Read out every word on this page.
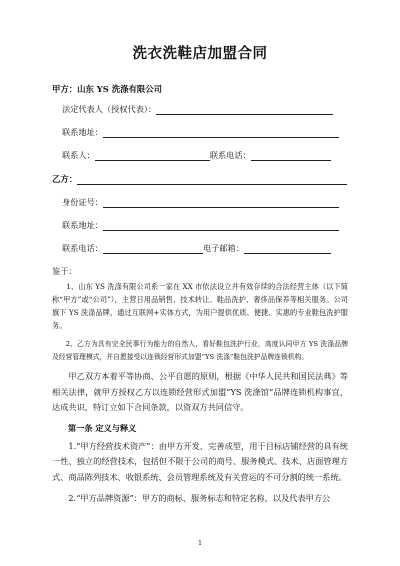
洗衣洗鞋店加盟合同

甲方：山东 YS 洗涤有限公司

法定代表人（授权代表）：
联系地址：
联系人：	联系电话：
乙方：
身份证号：
联系地址：
联系电话：	电子邮箱：

鉴于：

1、山东 YS 洗涤有限公司系一家在 XX 市依法设立并有效存续的合法经营主体（以下简称“甲方”或“公司”），主营日用品销售、技术转让、鞋品洗护、奢侈品保养等相关服务。公司旗下 YS 洗涤品牌，通过互联网+实体方式，为用户提供优质、便捷、实惠的专业鞋包洗护服务。

2、乙方为具有完全民事行为能力的自然人，看好鞋包洗护行业，高度认同甲方 YS 洗涤品牌及经营管理模式，并自愿接受以连锁经营形式加盟“YS 洗涤”鞋包洗护品牌连锁机构。

甲乙双方本着平等协商、公平自愿的原则，根据《中华人民共和国民法典》等相关法律，就甲方授权乙方以连锁经营形式加盟“YS 洗涤馆”品牌连锁机构事宜，达成共识，特订立如下合同条款，以资双方共同信守。

第一条 定义与释义

1.“甲方经营技术资产”：由甲方开发、完善成型，用于目标店铺经营的具有统一性、独立的经营技术，包括但不限于公司的商号、服务模式、技术、店面管理方式、商品陈列技术、收银系统、会员管理系统及有关营运的不可分割的统一系统。

2.“甲方品牌资源”：甲方的商标、服务标志和特定名称，以及代表甲方公

1
